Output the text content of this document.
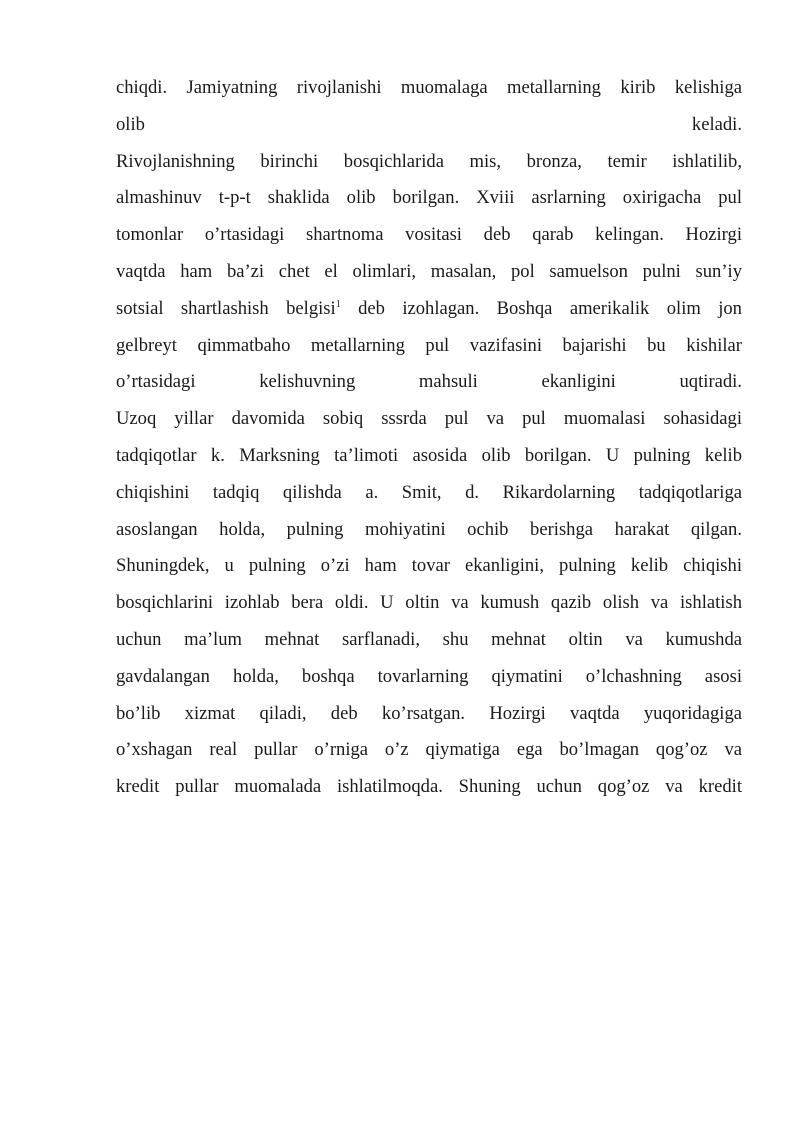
chiqdi. Jamiyatning rivojlanishi muomalaga metallarning kirib kelishiga
olib keladi.
Rivojlanishning birinchi bosqichlarida mis, bronza, temir ishlatilib,
almashinuv t-p-t shaklida olib borilgan. Xviii asrlarning oxirigacha pul
tomonlar o’rtasidagi shartnoma vositasi deb qarab kelingan. Hozirgi
vaqtda ham ba’zi chet el olimlari, masalan, pol samuelson pulni sun’iy
sotsial shartlashish belgisi$^1$ deb izohlagan. Boshqa amerikalik olim jon
gelbreyt qimmatbaho metallarning pul vazifasini bajarishi bu kishilar
o’rtasidagi kelishuvning mahsuli ekanligini uqtiradi.
Uzoq yillar davomida sobiq sssrda pul va pul muomalasi sohasidagi
tadqiqotlar k. Marksning ta’limoti asosida olib borilgan. U pulning kelib
chiqishini tadqiq qilishda a. Smit, d. Rikardolarning tadqiqotlariga
asoslangan holda, pulning mohiyatini ochib berishga harakat qilgan.
Shuningdek, u pulning o’zi ham tovar ekanligini, pulning kelib chiqishi
bosqichlarini izohlab bera oldi. U oltin va kumush qazib olish va ishlatish
uchun ma’lum mehnat sarflanadi, shu mehnat oltin va kumushda
gavdalangan holda, boshqa tovarlarning qiymatini o’lchashning asosi
bo’lib xizmat qiladi, deb ko’rsatgan. Hozirgi vaqtda yuqoridagiga
o’xshagan real pullar o’rniga o’z qiymatiga ega bo’lmagan qog’oz va
kredit pullar muomalada ishlatilmoqda. Shuning uchun qog’oz va kredit
